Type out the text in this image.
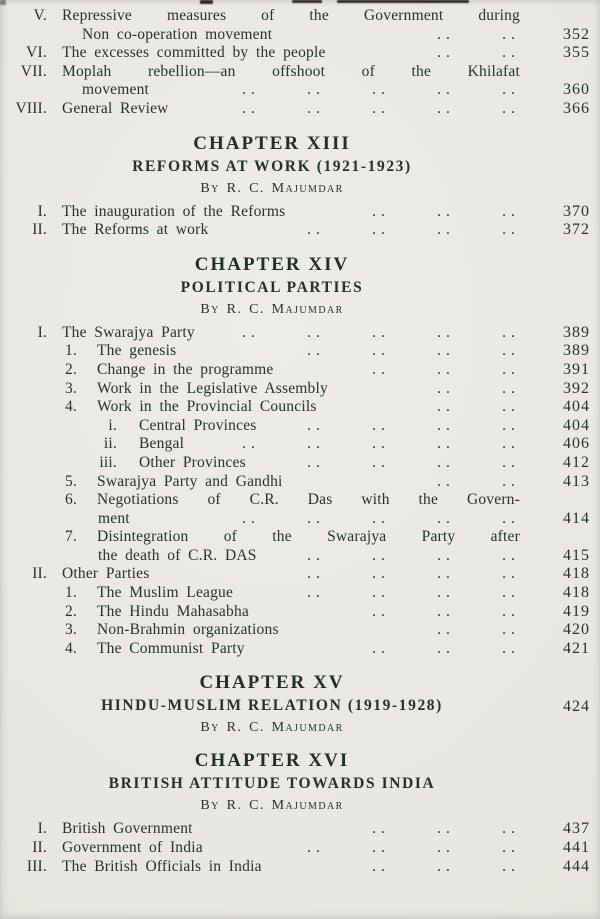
V. Repressive measures of the Government during
Non co-operation movement	..	..	352
VI. The excesses committed by the people	..	..	355
VII. Moplah rebellion—an offshoot of the Khilafat
movement	..	..	..	..	..	360
VIII. General Review	..	..	..	..	..	366
CHAPTER XIII
REFORMS AT WORK (1921-1923)
By R. C. Majumdar
I. The inauguration of the Reforms	..	..	..	370
II. The Reforms at work	..	..	..	..	372
CHAPTER XIV
POLITICAL PARTIES
By R. C. Majumdar
I. The Swarajya Party	..	..	..	..	..	389
1. The genesis	..	..	..	..	389
2. Change in the programme	..	..	..	391
3. Work in the Legislative Assembly	..	..	392
4. Work in the Provincial Councils	..	..	404
i. Central Provinces	..	..	..	..	404
ii. Bengal	..	..	..	..	..	406
iii. Other Provinces	..	..	..	..	412
5. Swarajya Party and Gandhi	..	..	413
6. Negotiations of C.R. Das with the Govern-
ment	..	..	..	..	..	414
7. Disintegration of the Swarajya Party after
the death of C.R. DAS	..	..	..	..	415
II. Other Parties	..	..	..	..	418
1. The Muslim League	..	..	..	..	418
2. The Hindu Mahasabha	..	..	..	419
3. Non-Brahmin organizations	..	..	420
4. The Communist Party	..	..	..	421
CHAPTER XV
HINDU-MUSLIM RELATION (1919-1928)	424
By R. C. Majumdar
CHAPTER XVI
BRITISH ATTITUDE TOWARDS INDIA
By R. C. Majumdar
I. British Government	..	..	..	437
II. Government of India	..	..	..	..	441
III. The British Officials in India	..	..	..	444
